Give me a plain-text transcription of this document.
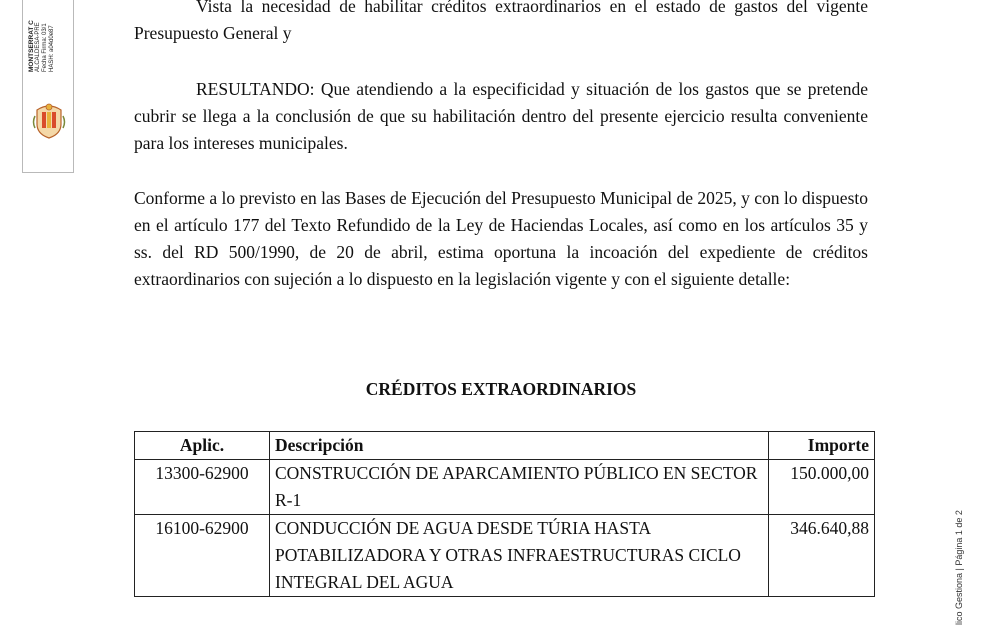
MONTSERRAT C ALCALDESA-PRE Fecha Firma: 03/1 HASH: a04d0e87
Vista la necesidad de habilitar créditos extraordinarios en el estado de gastos del vigente Presupuesto General y
RESULTANDO: Que atendiendo a la especificidad y situación de los gastos que se pretende cubrir se llega a la conclusión de que su habilitación dentro del presente ejercicio resulta conveniente para los intereses municipales.
Conforme a lo previsto en las Bases de Ejecución del Presupuesto Municipal de 2025, y con lo dispuesto en el artículo 177 del Texto Refundido de la Ley de Haciendas Locales, así como en los artículos 35 y ss. del RD 500/1990, de 20 de abril, estima oportuna la incoación del expediente de créditos extraordinarios con sujeción a lo dispuesto en la legislación vigente y con el siguiente detalle:
CRÉDITOS EXTRAORDINARIOS
Aplic.	Descripción	Importe
13300-62900	CONSTRUCCIÓN DE APARCAMIENTO PÚBLICO EN SECTOR R-1	150.000,00
16100-62900	CONDUCCIÓN DE AGUA DESDE TÚRIA HASTA POTABILIZADORA Y OTRAS INFRAESTRUCTURAS CICLO INTEGRAL DEL AGUA	346.640,88	lico Gestiona | Página 1 de 2
